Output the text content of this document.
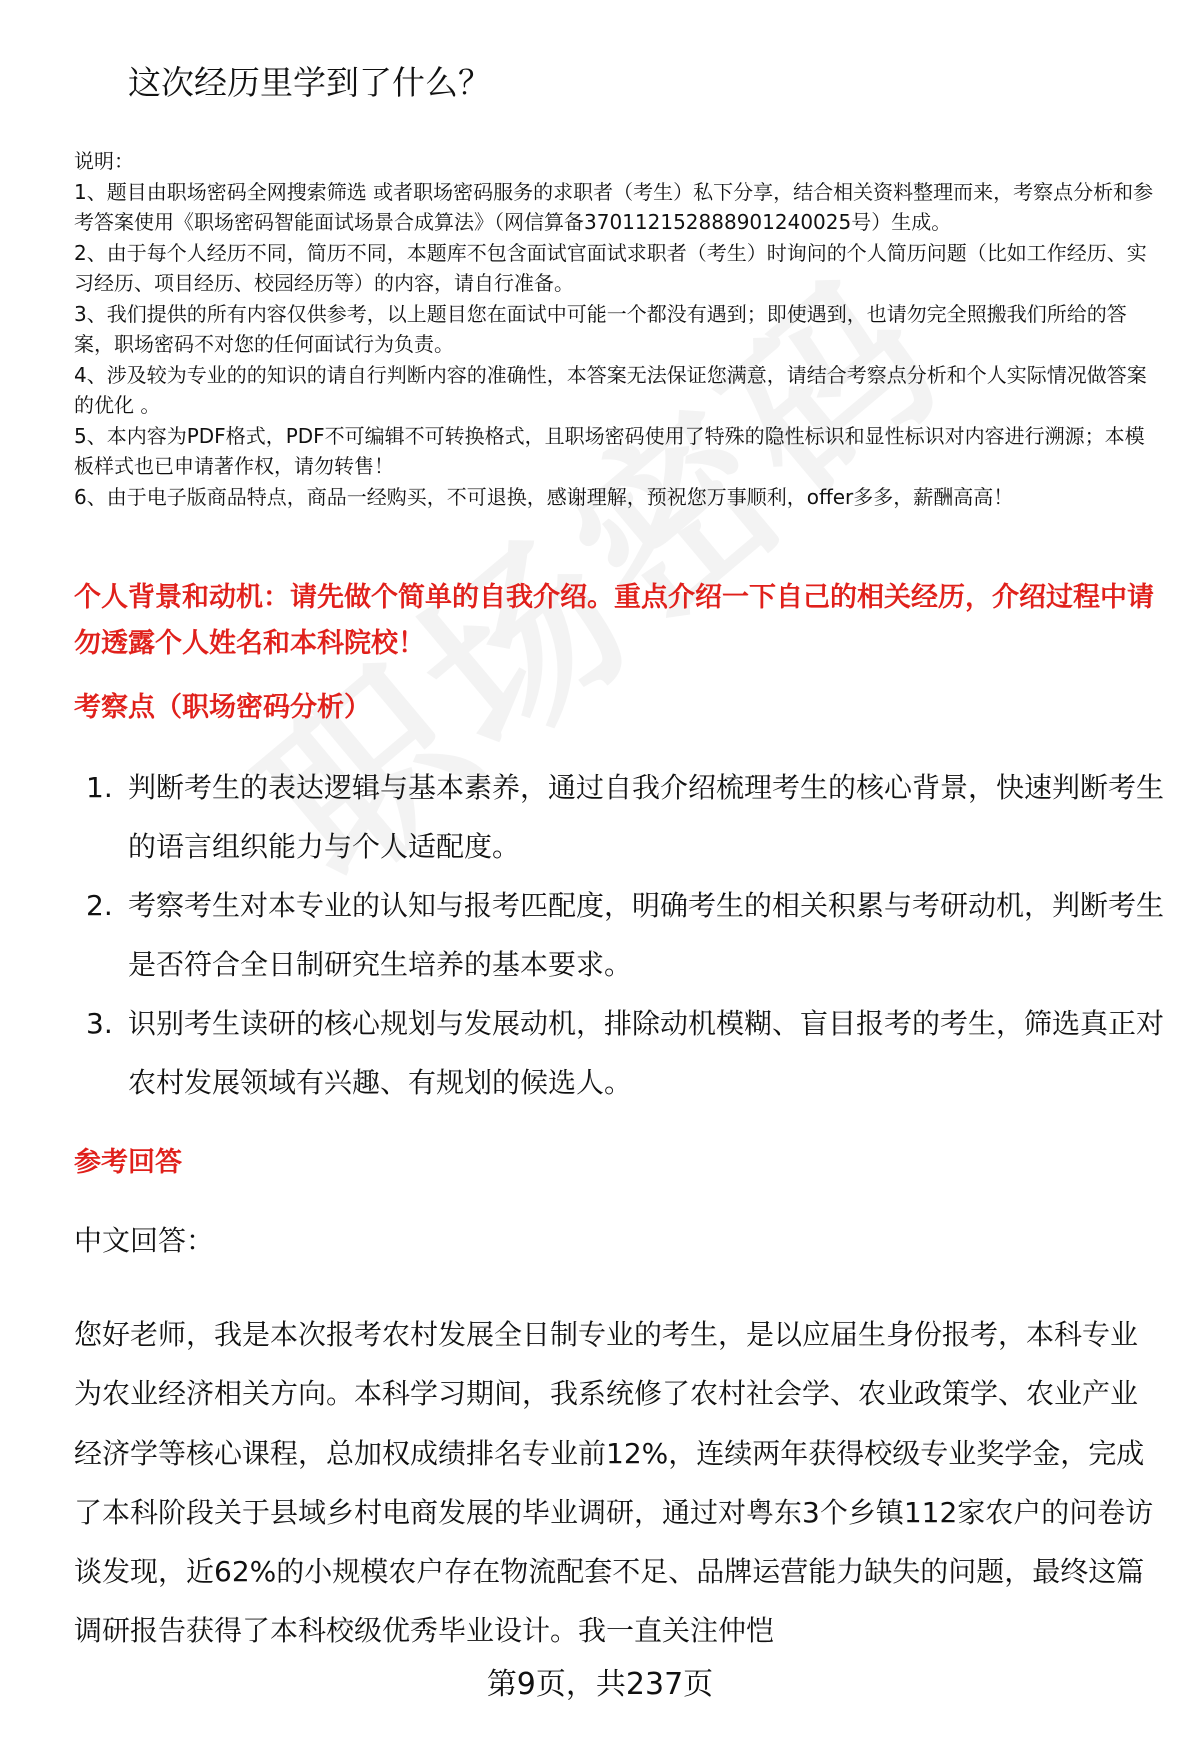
这次经历里学到了什么？

说明：

1、题目由职场密码全网搜索筛选 或者职场密码服务的求职者（考生）私下分享，结合相关资料整理而来，考察点分析和参考答案使用《职场密码智能面试场景合成算法》（网信算备370112152888901240025号）生成。

2、由于每个人经历不同，简历不同，本题库不包含面试官面试求职者（考生）时询问的个人简历问题（比如工作经历、实习经历、项目经历、校园经历等）的内容，请自行准备。

3、我们提供的所有内容仅供参考，以上题目您在面试中可能一个都没有遇到；即使遇到，也请勿完全照搬我们所给的答案，职场密码不对您的任何面试行为负责。

4、涉及较为专业的的知识的请自行判断内容的准确性，本答案无法保证您满意，请结合考察点分析和个人实际情况做答案的优化 。

5、本内容为PDF格式，PDF不可编辑不可转换格式，且职场密码使用了特殊的隐性标识和显性标识对内容进行溯源；本模板样式也已申请著作权，请勿转售！

6、由于电子版商品特点，商品一经购买，不可退换，感谢理解，预祝您万事顺利，offer多多，薪酬高高！

个人背景和动机：请先做个简单的自我介绍。重点介绍一下自己的相关经历，介绍过程中请勿透露个人姓名和本科院校！
考察点（职场密码分析）
1. 判断考生的表达逻辑与基本素养，通过自我介绍梳理考生的核心背景，快速判断考生的语言组织能力与个人适配度。
2. 考察考生对本专业的认知与报考匹配度，明确考生的相关积累与考研动机，判断考生是否符合全日制研究生培养的基本要求。
3. 识别考生读研的核心规划与发展动机，排除动机模糊、盲目报考的考生，筛选真正对农村发展领域有兴趣、有规划的候选人。
参考回答

中文回答：

您好老师，我是本次报考农村发展全日制专业的考生，是以应届生身份报考，本科专业为农业经济相关方向。本科学习期间，我系统修了农村社会学、农业政策学、农业产业经济学等核心课程，总加权成绩排名专业前12%，连续两年获得校级专业奖学金，完成了本科阶段关于县域乡村电商发展的毕业调研，通过对粤东3个乡镇112家农户的问卷访谈发现，近62%的小规模农户存在物流配套不足、品牌运营能力缺失的问题，最终这篇调研报告获得了本科校级优秀毕业设计。我一直关注仲恺

第9页，共237页
